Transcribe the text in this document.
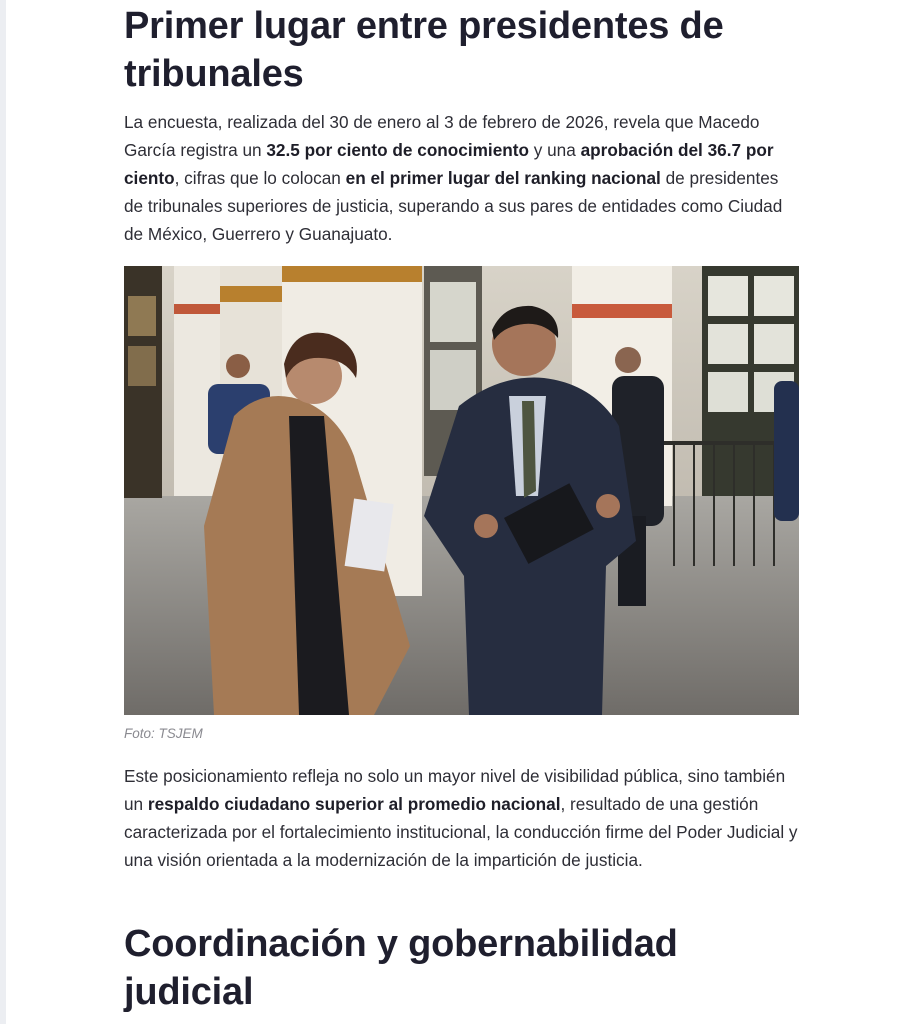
Primer lugar entre presidentes de tribunales

La encuesta, realizada del 30 de enero al 3 de febrero de 2026, revela que Macedo García registra un 32.5 por ciento de conocimiento y una aprobación del 36.7 por ciento, cifras que lo colocan en el primer lugar del ranking nacional de presidentes de tribunales superiores de justicia, superando a sus pares de entidades como Ciudad de México, Guerrero y Guanajuato.

Foto: TSJEM

Este posicionamiento refleja no solo un mayor nivel de visibilidad pública, sino también un respaldo ciudadano superior al promedio nacional, resultado de una gestión caracterizada por el fortalecimiento institucional, la conducción firme del Poder Judicial y una visión orientada a la modernización de la impartición de justicia.

Coordinación y gobernabilidad judicial
